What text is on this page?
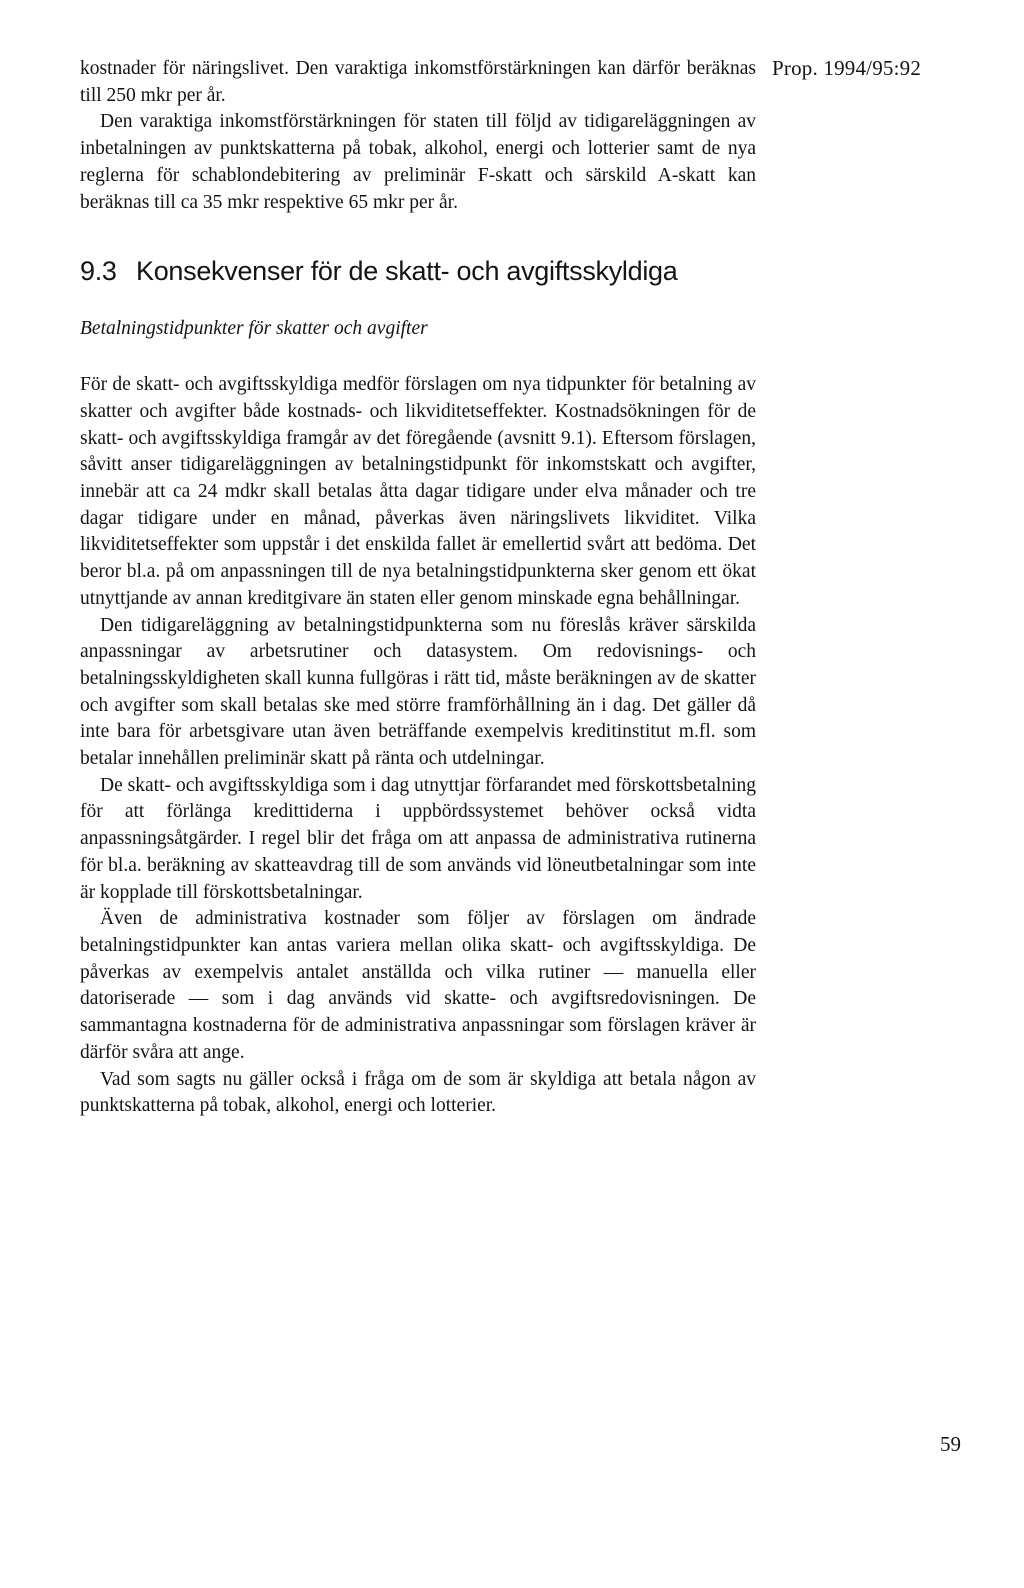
Prop. 1994/95:92

kostnader för näringslivet. Den varaktiga inkomstförstärkningen kan därför beräknas till 250 mkr per år.

Den varaktiga inkomstförstärkningen för staten till följd av tidigareläggningen av inbetalningen av punktskatterna på tobak, alkohol, energi och lotterier samt de nya reglerna för schablondebitering av preliminär F-skatt och särskild A-skatt kan beräknas till ca 35 mkr respektive 65 mkr per år.

9.3 Konsekvenser för de skatt- och avgiftsskyldiga
Betalningstidpunkter för skatter och avgifter

För de skatt- och avgiftsskyldiga medför förslagen om nya tidpunkter för betalning av skatter och avgifter både kostnads- och likviditetseffekter. Kostnadsökningen för de skatt- och avgiftsskyldiga framgår av det föregående (avsnitt 9.1). Eftersom förslagen, såvitt anser tidigareläggningen av betalningstidpunkt för inkomstskatt och avgifter, innebär att ca 24 mdkr skall betalas åtta dagar tidigare under elva månader och tre dagar tidigare under en månad, påverkas även näringslivets likviditet. Vilka likviditetseffekter som uppstår i det enskilda fallet är emellertid svårt att bedöma. Det beror bl.a. på om anpassningen till de nya betalningstidpunkterna sker genom ett ökat utnyttjande av annan kreditgivare än staten eller genom minskade egna behållningar.

Den tidigareläggning av betalningstidpunkterna som nu föreslås kräver särskilda anpassningar av arbetsrutiner och datasystem. Om redovisnings- och betalningsskyldigheten skall kunna fullgöras i rätt tid, måste beräkningen av de skatter och avgifter som skall betalas ske med större framförhållning än i dag. Det gäller då inte bara för arbetsgivare utan även beträffande exempelvis kreditinstitut m.fl. som betalar innehållen preliminär skatt på ränta och utdelningar.

De skatt- och avgiftsskyldiga som i dag utnyttjar förfarandet med förskottsbetalning för att förlänga kredittiderna i uppbördssystemet behöver också vidta anpassningsåtgärder. I regel blir det fråga om att anpassa de administrativa rutinerna för bl.a. beräkning av skatteavdrag till de som används vid löneutbetalningar som inte är kopplade till förskottsbetalningar.

Även de administrativa kostnader som följer av förslagen om ändrade betalningstidpunkter kan antas variera mellan olika skatt- och avgiftsskyldiga. De påverkas av exempelvis antalet anställda och vilka rutiner — manuella eller datoriserade — som i dag används vid skatte- och avgiftsredovisningen. De sammantagna kostnaderna för de administrativa anpassningar som förslagen kräver är därför svåra att ange.

Vad som sagts nu gäller också i fråga om de som är skyldiga att betala någon av punktskatterna på tobak, alkohol, energi och lotterier.

59
